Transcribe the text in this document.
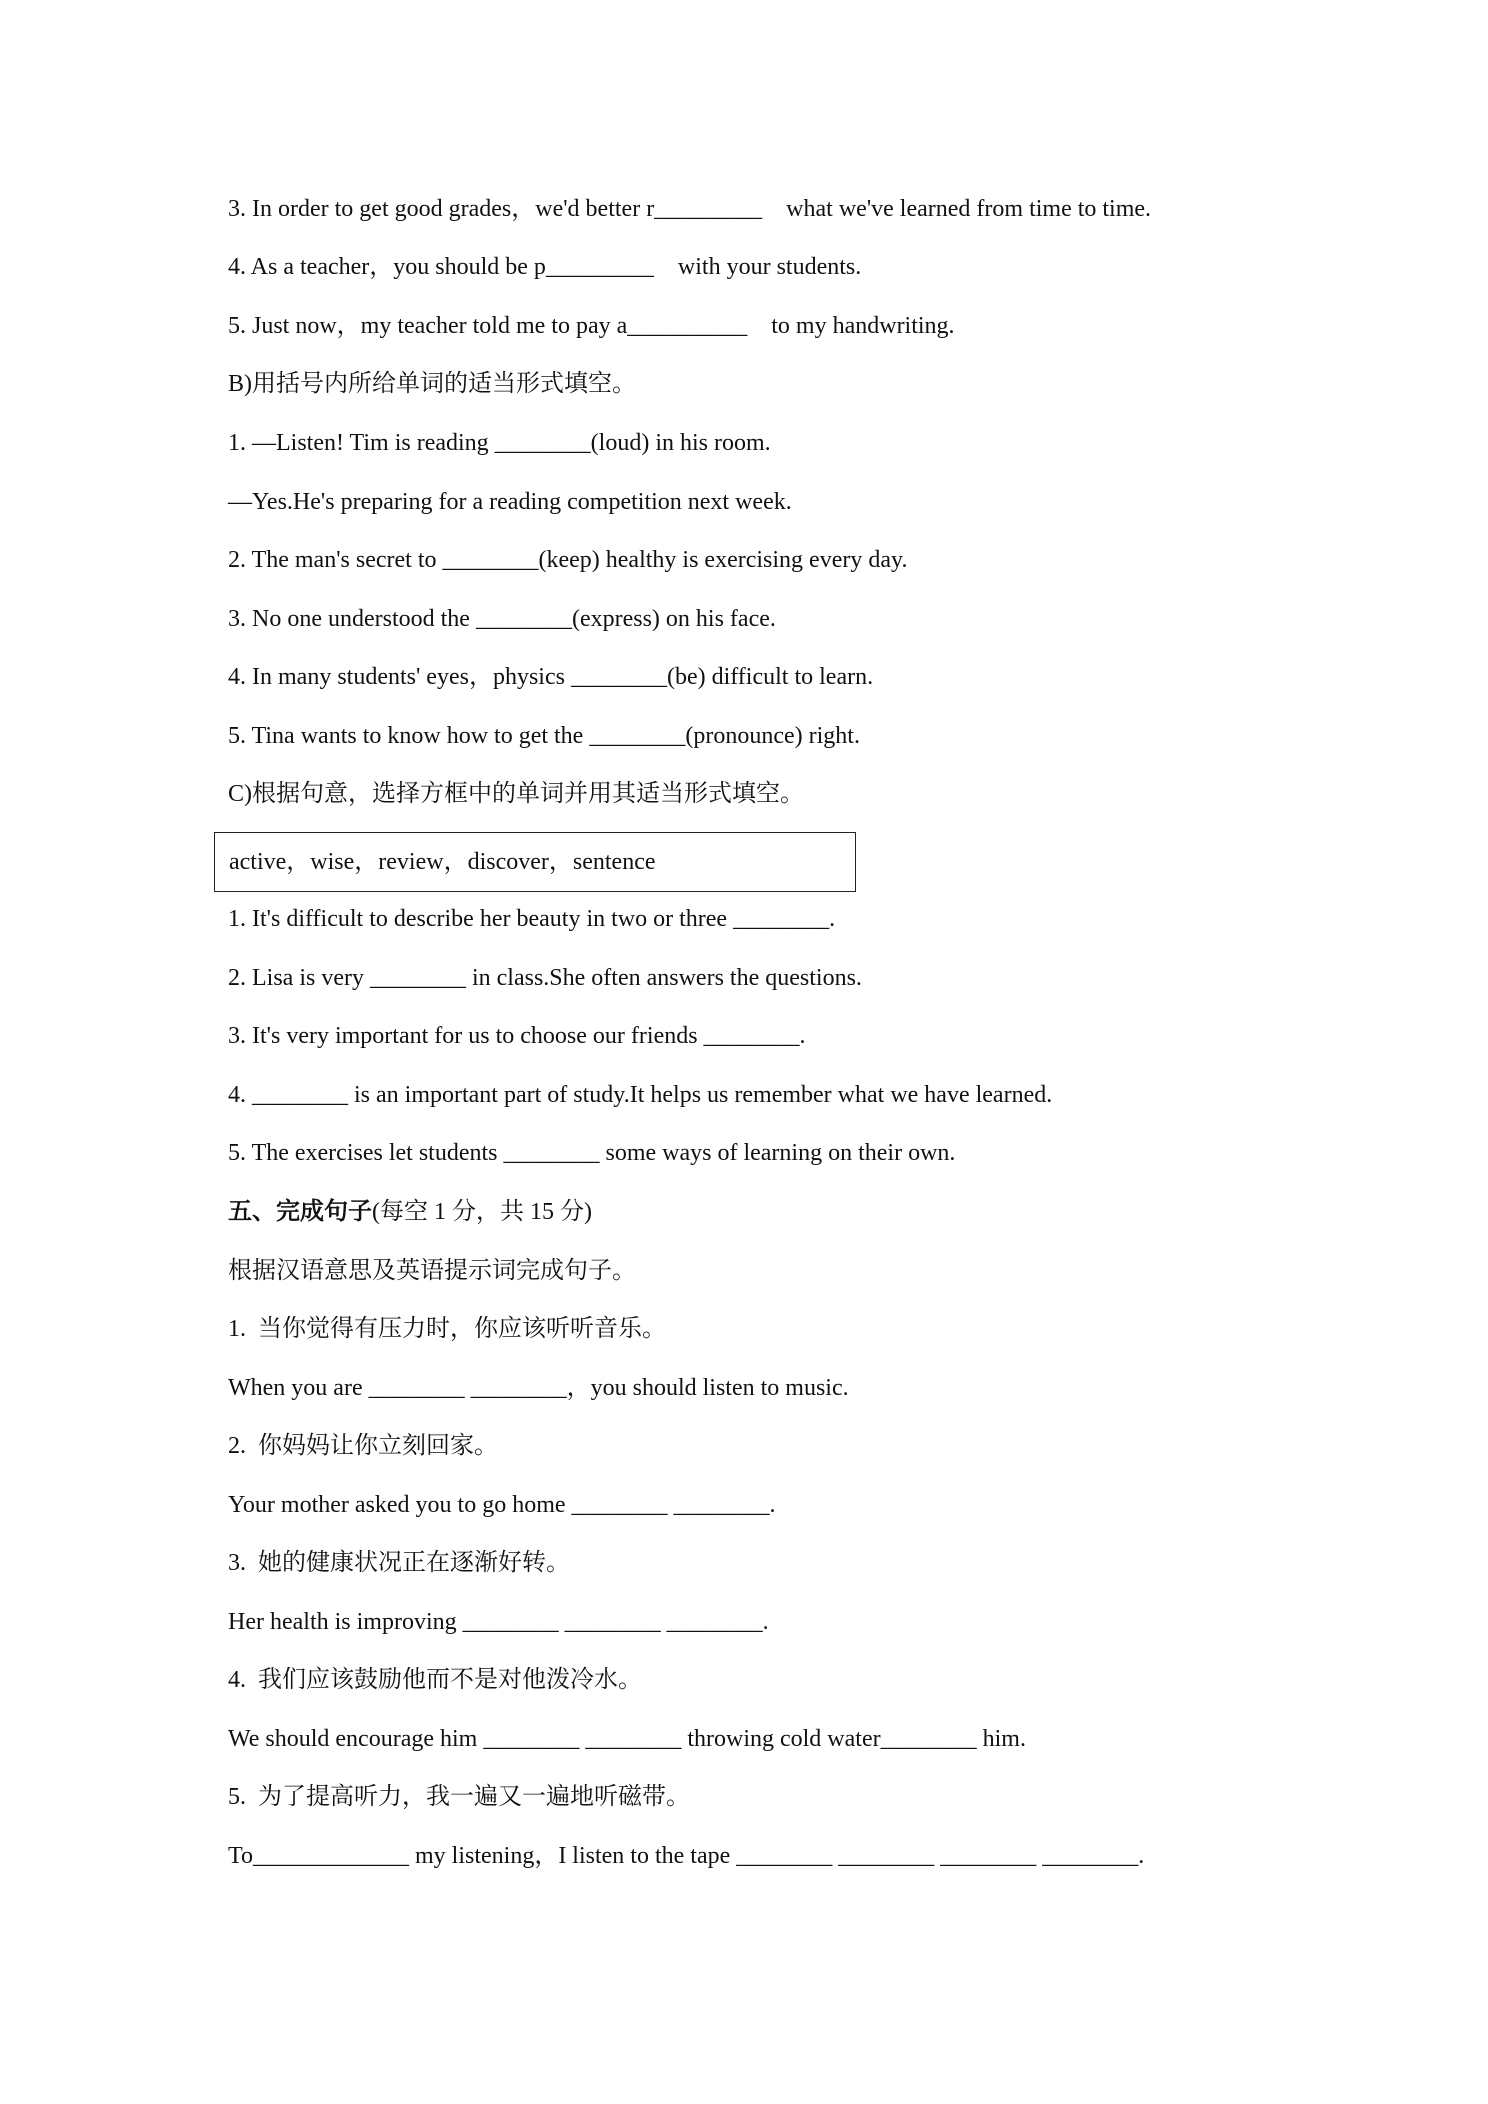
3. In order to get good grades，we'd better r_________    what we've learned from time to time.
4. As a teacher，you should be p_________    with your students.
5. Just now，my teacher told me to pay a__________    to my handwriting.
B)用括号内所给单词的适当形式填空。
1. —Listen! Tim is reading ________(loud) in his room.
—Yes.He's preparing for a reading competition next week.
2. The man's secret to ________(keep) healthy is exercising every day.
3. No one understood the ________(express) on his face.
4. In many students' eyes，physics ________(be) difficult to learn.
5. Tina wants to know how to get the ________(pronounce) right.
C)根据句意，选择方框中的单词并用其适当形式填空。
active，wise，review，discover，sentence
1. It's difficult to describe her beauty in two or three ________.
2. Lisa is very ________ in class.She often answers the questions.
3. It's very important for us to choose our friends ________.
4. ________ is an important part of study.It helps us remember what we have learned.
5. The exercises let students ________ some ways of learning on their own.
五、完成句子(每空 1 分，共 15 分)
根据汉语意思及英语提示词完成句子。
1.  当你觉得有压力时，你应该听听音乐。
When you are ________ ________，you should listen to music.
2.  你妈妈让你立刻回家。
Your mother asked you to go home ________ ________.
3.  她的健康状况正在逐渐好转。
Her health is improving ________ ________ ________.
4.  我们应该鼓励他而不是对他泼冷水。
We should encourage him ________ ________ throwing cold water________ him.
5.  为了提高听力，我一遍又一遍地听磁带。
To_____________ my listening，I listen to the tape ________ ________ ________ ________.
